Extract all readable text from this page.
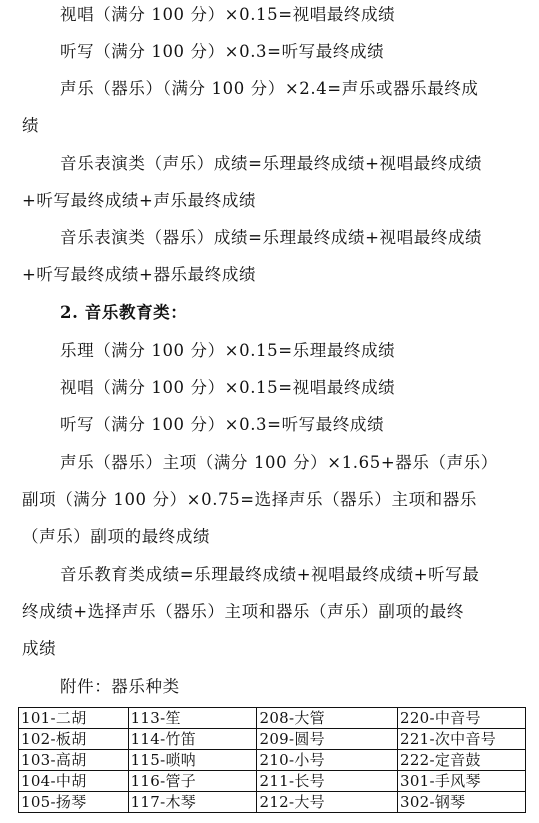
视唱（满分 100 分）×0.15=视唱最终成绩
听写（满分 100 分）×0.3=听写最终成绩
声乐（器乐）（满分 100 分）×2.4=声乐或器乐最终成
绩
音乐表演类（声乐）成绩=乐理最终成绩+视唱最终成绩
+听写最终成绩+声乐最终成绩
音乐表演类（器乐）成绩=乐理最终成绩+视唱最终成绩
+听写最终成绩+器乐最终成绩
2. 音乐教育类：
乐理（满分 100 分）×0.15=乐理最终成绩
视唱（满分 100 分）×0.15=视唱最终成绩
听写（满分 100 分）×0.3=听写最终成绩
声乐（器乐）主项（满分 100 分）×1.65+器乐（声乐）
副项（满分 100 分）×0.75=选择声乐（器乐）主项和器乐
（声乐）副项的最终成绩
音乐教育类成绩=乐理最终成绩+视唱最终成绩+听写最
终成绩+选择声乐（器乐）主项和器乐（声乐）副项的最终
成绩
附件：器乐种类
101-二胡	113-笙	208-大管	220-中音号
102-板胡	114-竹笛	209-圆号	221-次中音号
103-高胡	115-唢呐	210-小号	222-定音鼓
104-中胡	116-管子	211-长号	301-手风琴
105-扬琴	117-木琴	212-大号	302-钢琴
